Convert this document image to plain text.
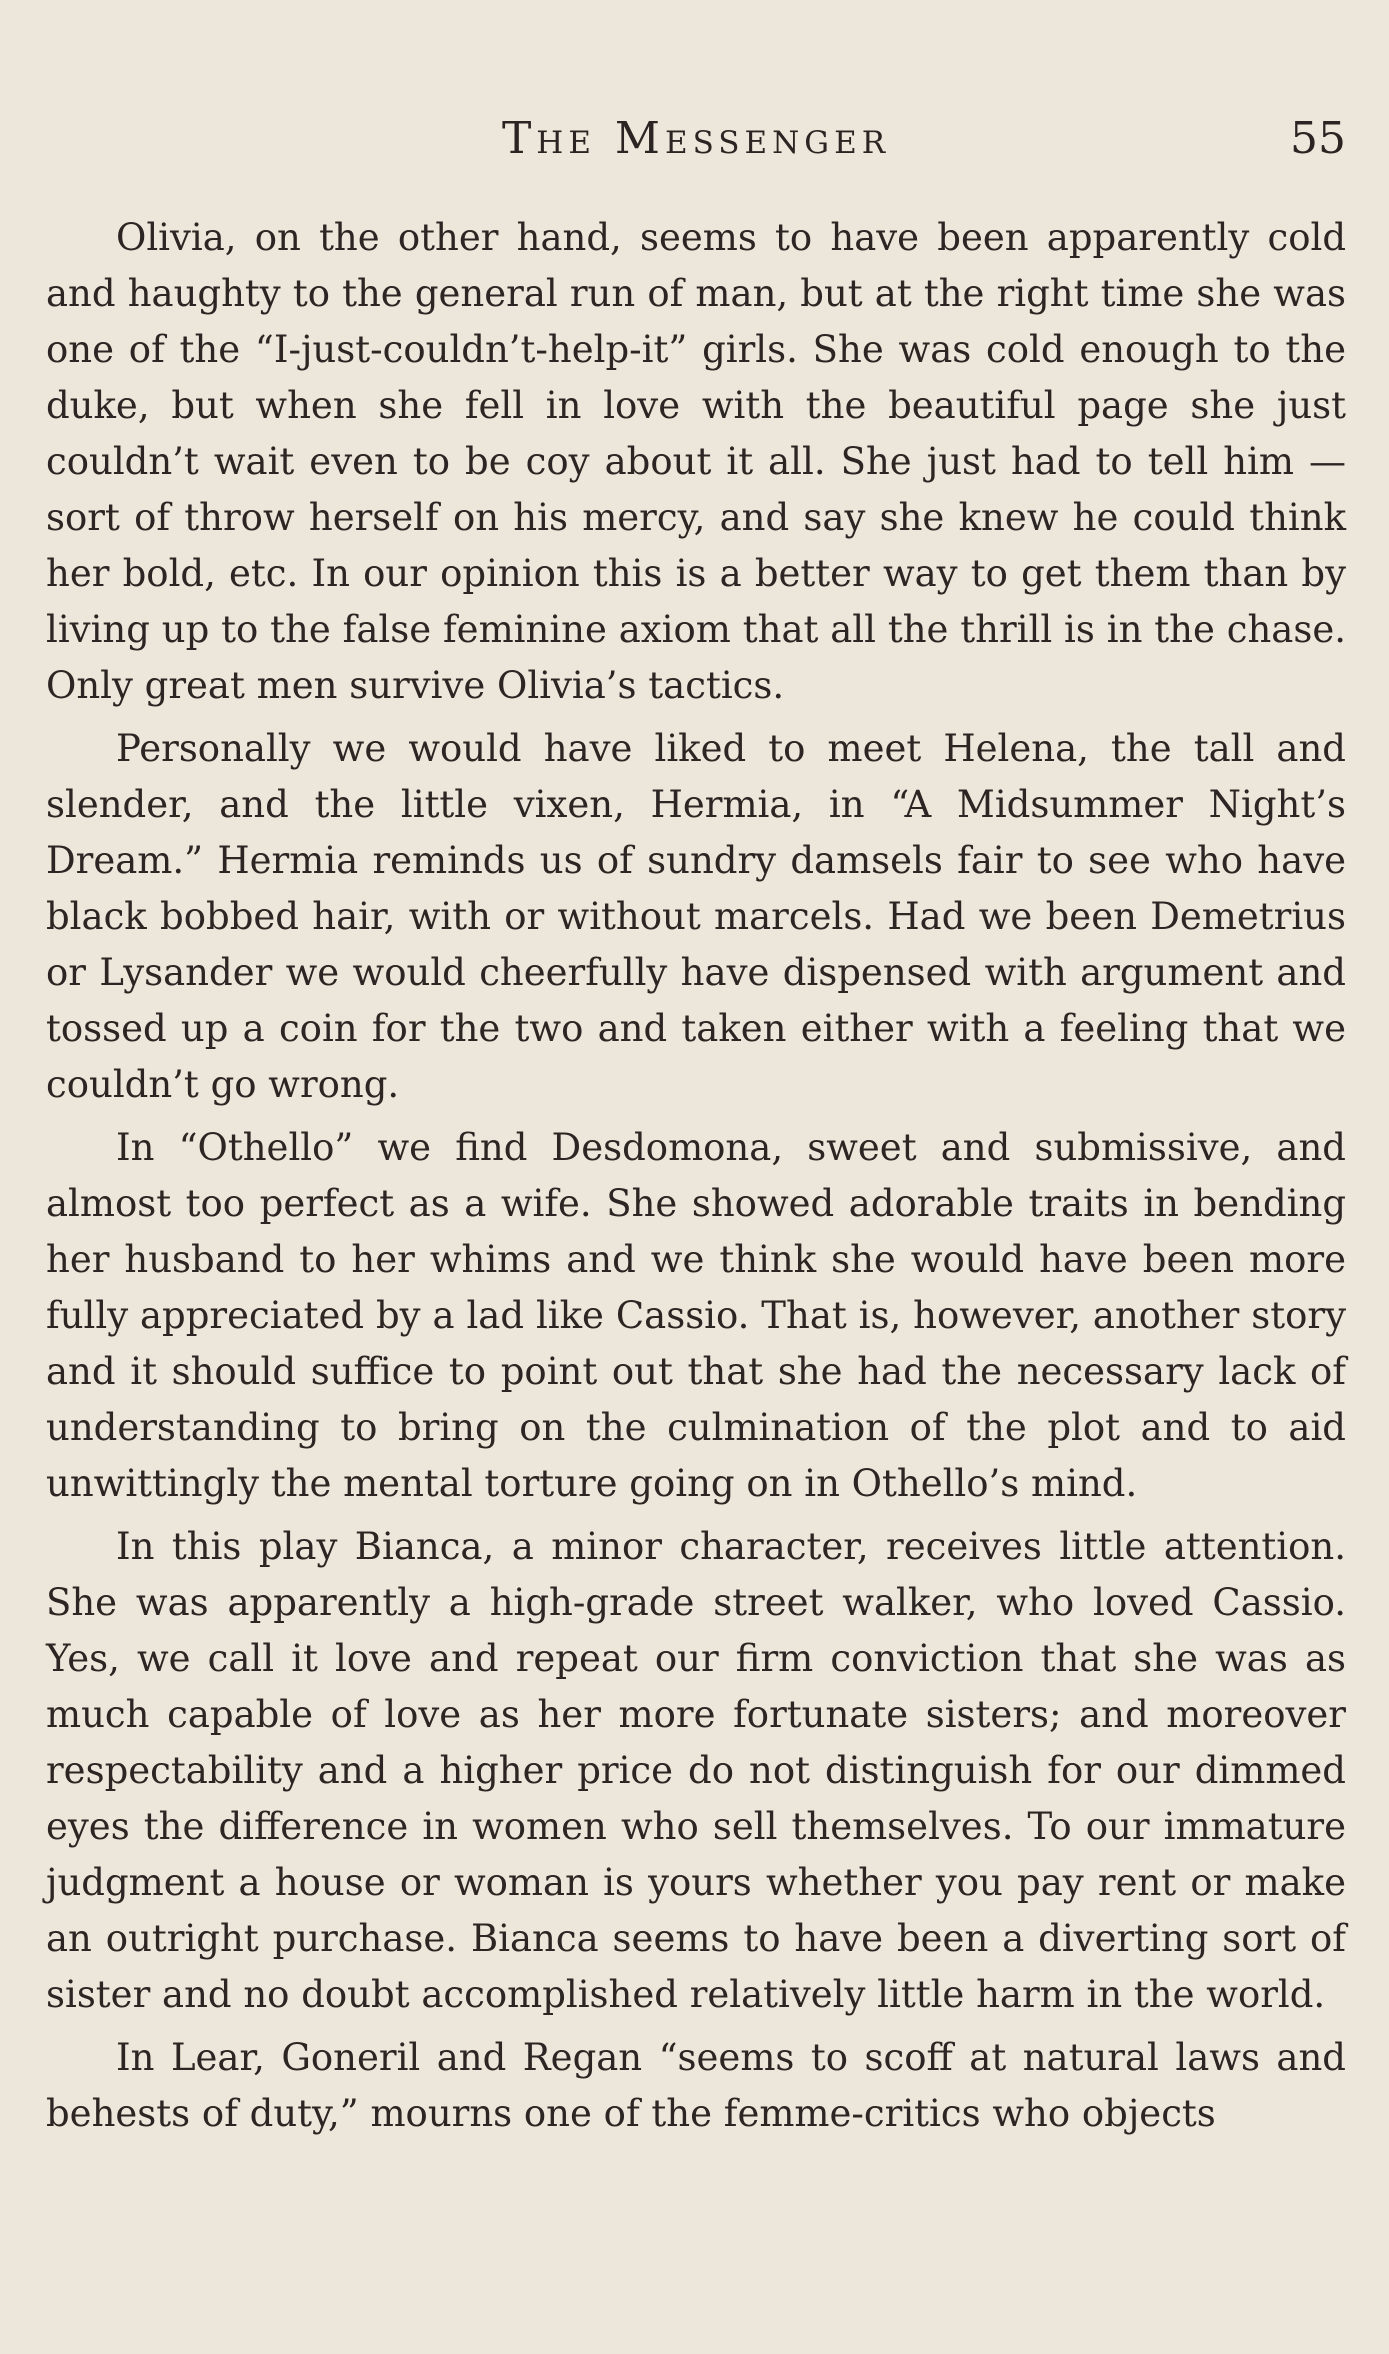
The Messenger	55

Olivia, on the other hand, seems to have been apparently cold and haughty to the general run of man, but at the right time she was one of the “I-just-couldn’t-help-it” girls. She was cold enough to the duke, but when she fell in love with the beautiful page she just couldn’t wait even to be coy about it all. She just had to tell him — sort of throw herself on his mercy, and say she knew he could think her bold, etc. In our opinion this is a better way to get them than by living up to the false feminine axiom that all the thrill is in the chase. Only great men survive Olivia’s tactics.

Personally we would have liked to meet Helena, the tall and slender, and the little vixen, Hermia, in “A Midsummer Night’s Dream.” Hermia reminds us of sundry damsels fair to see who have black bobbed hair, with or without marcels. Had we been Demetrius or Lysander we would cheerfully have dispensed with argument and tossed up a coin for the two and taken either with a feeling that we couldn’t go wrong.

In “Othello” we find Desdomona, sweet and submissive, and almost too perfect as a wife. She showed adorable traits in bending her husband to her whims and we think she would have been more fully appreciated by a lad like Cassio. That is, however, another story and it should suffice to point out that she had the necessary lack of understanding to bring on the culmination of the plot and to aid unwittingly the mental torture going on in Othello’s mind.

In this play Bianca, a minor character, receives little attention. She was apparently a high-grade street walker, who loved Cassio. Yes, we call it love and repeat our firm conviction that she was as much capable of love as her more fortunate sisters; and moreover respectability and a higher price do not distinguish for our dimmed eyes the difference in women who sell themselves. To our immature judgment a house or woman is yours whether you pay rent or make an outright purchase. Bianca seems to have been a diverting sort of sister and no doubt accomplished relatively little harm in the world.

In Lear, Goneril and Regan “seems to scoff at natural laws and behests of duty,” mourns one of the femme-critics who objects
